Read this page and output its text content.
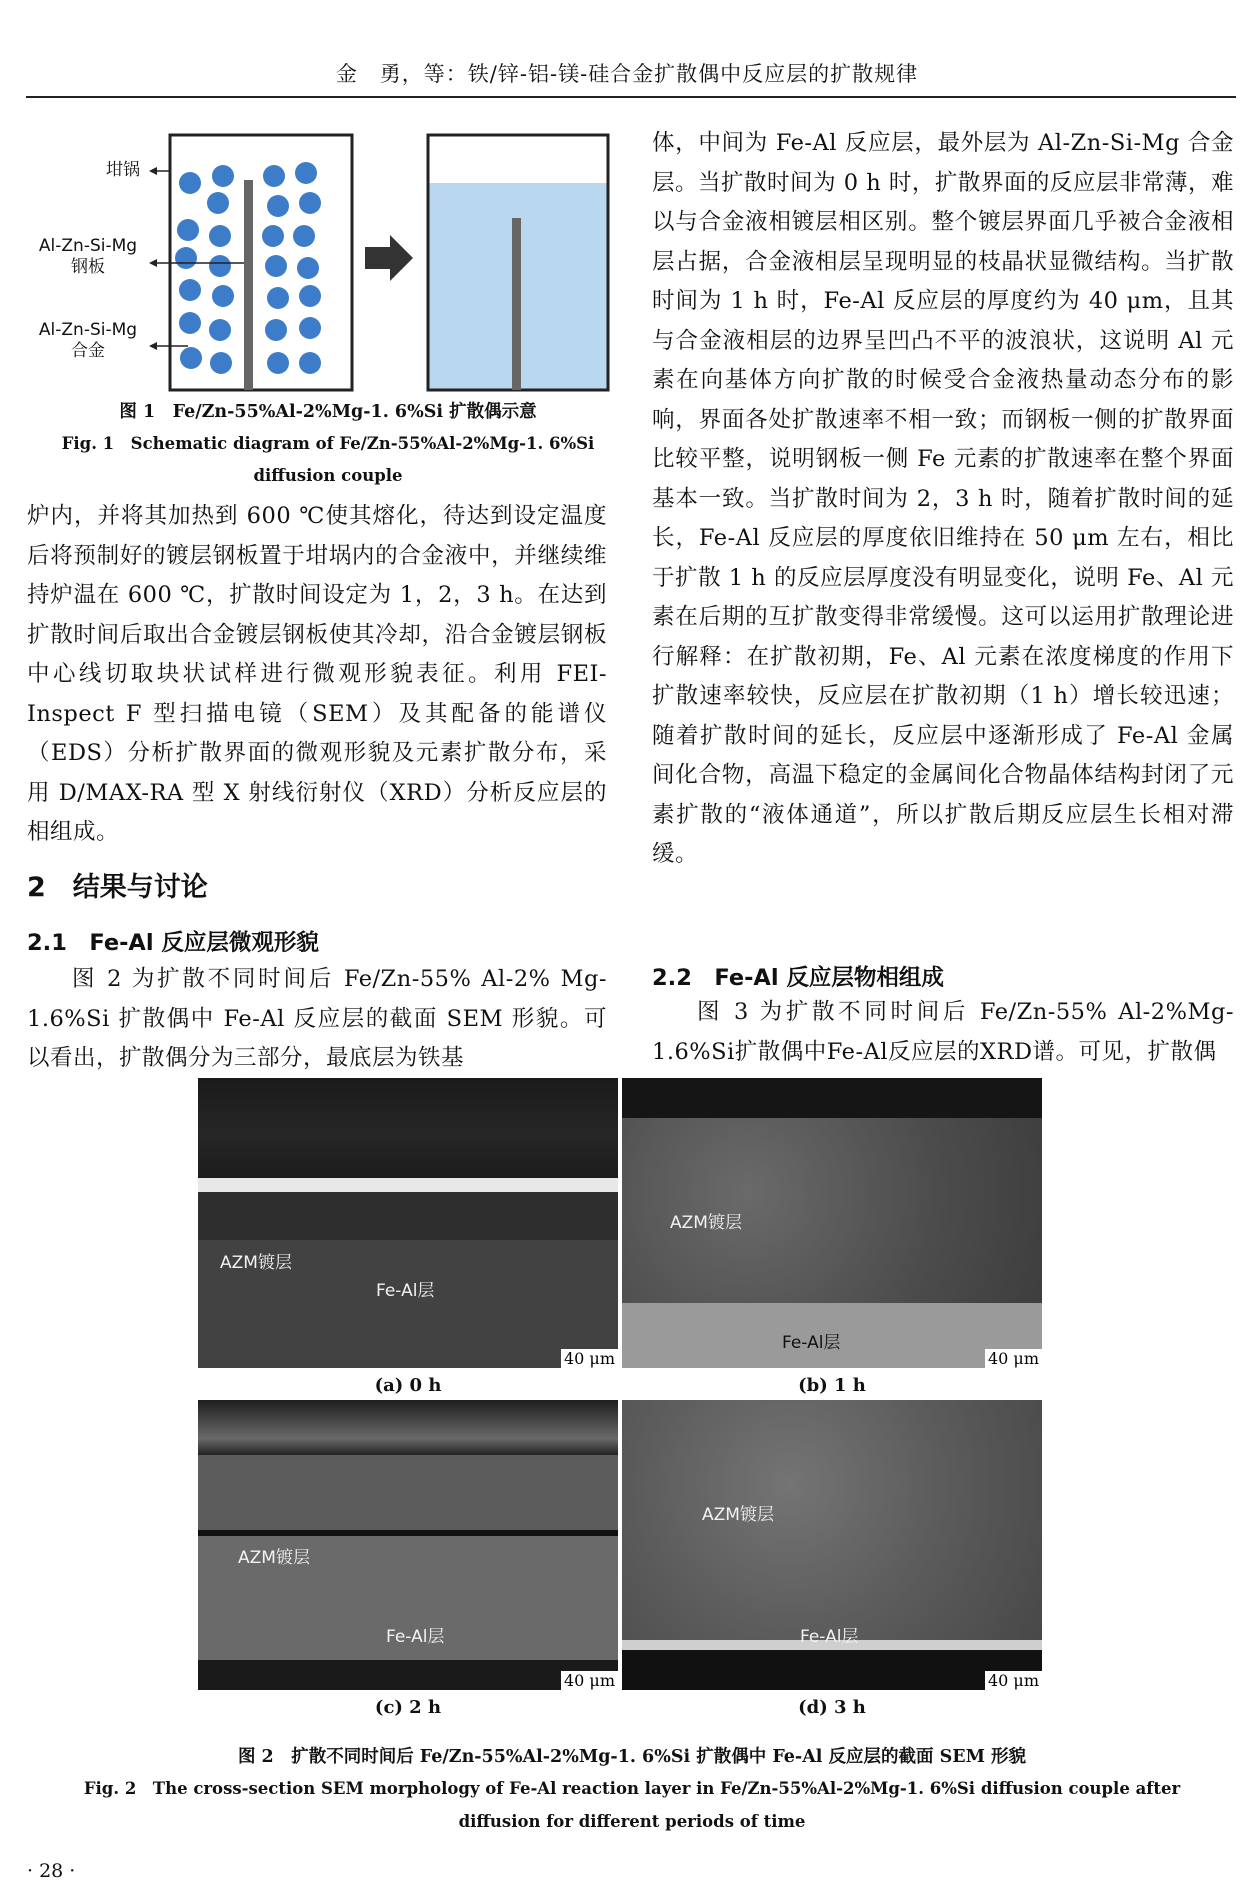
金　勇，等：铁/锌-铝-镁-硅合金扩散偶中反应层的扩散规律
坩锅
Al-Zn-Si-Mg
钢板
Al-Zn-Si-Mg
合金
图 1　Fe/Zn-55%Al-2%Mg-1. 6%Si 扩散偶示意
Fig. 1　Schematic diagram of Fe/Zn-55%Al-2%Mg-1. 6%Si
diffusion couple

炉内，并将其加热到 600 ℃使其熔化，待达到设定温度后将预制好的镀层钢板置于坩埚内的合金液中，并继续维持炉温在 600 ℃，扩散时间设定为 1，2，3 h。在达到扩散时间后取出合金镀层钢板使其冷却，沿合金镀层钢板中心线切取块状试样进行微观形貌表征。利用 FEI-Inspect F 型扫描电镜（SEM）及其配备的能谱仪（EDS）分析扩散界面的微观形貌及元素扩散分布，采用 D/MAX-RA 型 X 射线衍射仪（XRD）分析反应层的相组成。

2　结果与讨论
2.1　Fe-Al 反应层微观形貌

图 2 为扩散不同时间后 Fe/Zn-55% Al-2% Mg-1.6%Si 扩散偶中 Fe-Al 反应层的截面 SEM 形貌。可以看出，扩散偶分为三部分，最底层为铁基

体，中间为 Fe-Al 反应层，最外层为 Al-Zn-Si-Mg 合金层。当扩散时间为 0 h 时，扩散界面的反应层非常薄，难以与合金液相镀层相区别。整个镀层界面几乎被合金液相层占据，合金液相层呈现明显的枝晶状显微结构。当扩散时间为 1 h 时，Fe-Al 反应层的厚度约为 40 μm，且其与合金液相层的边界呈凹凸不平的波浪状，这说明 Al 元素在向基体方向扩散的时候受合金液热量动态分布的影响，界面各处扩散速率不相一致；而钢板一侧的扩散界面比较平整，说明钢板一侧 Fe 元素的扩散速率在整个界面基本一致。当扩散时间为 2，3 h 时，随着扩散时间的延长，Fe-Al 反应层的厚度依旧维持在 50 μm 左右，相比于扩散 1 h 的反应层厚度没有明显变化，说明 Fe、Al 元素在后期的互扩散变得非常缓慢。这可以运用扩散理论进行解释：在扩散初期，Fe、Al 元素在浓度梯度的作用下扩散速率较快，反应层在扩散初期（1 h）增长较迅速；随着扩散时间的延长，反应层中逐渐形成了 Fe-Al 金属间化合物，高温下稳定的金属间化合物晶体结构封闭了元素扩散的“液体通道”，所以扩散后期反应层生长相对滞缓。

2.2　Fe-Al 反应层物相组成

图 3 为扩散不同时间后 Fe/Zn-55% Al-2%Mg-1.6%Si扩散偶中Fe-Al反应层的XRD谱。可见，扩散偶

AZM镀层
Fe-Al层
40 μm
AZM镀层
Fe-Al层
40 μm
AZM镀层
Fe-Al层
40 μm
AZM镀层
Fe-Al层
40 μm
(a) 0 h	(b) 1 h
(c) 2 h	(d) 3 h
图 2　扩散不同时间后 Fe/Zn-55%Al-2%Mg-1. 6%Si 扩散偶中 Fe-Al 反应层的截面 SEM 形貌
Fig. 2　The cross-section SEM morphology of Fe-Al reaction layer in Fe/Zn-55%Al-2%Mg-1. 6%Si diffusion couple after
diffusion for different periods of time
· 28 ·
